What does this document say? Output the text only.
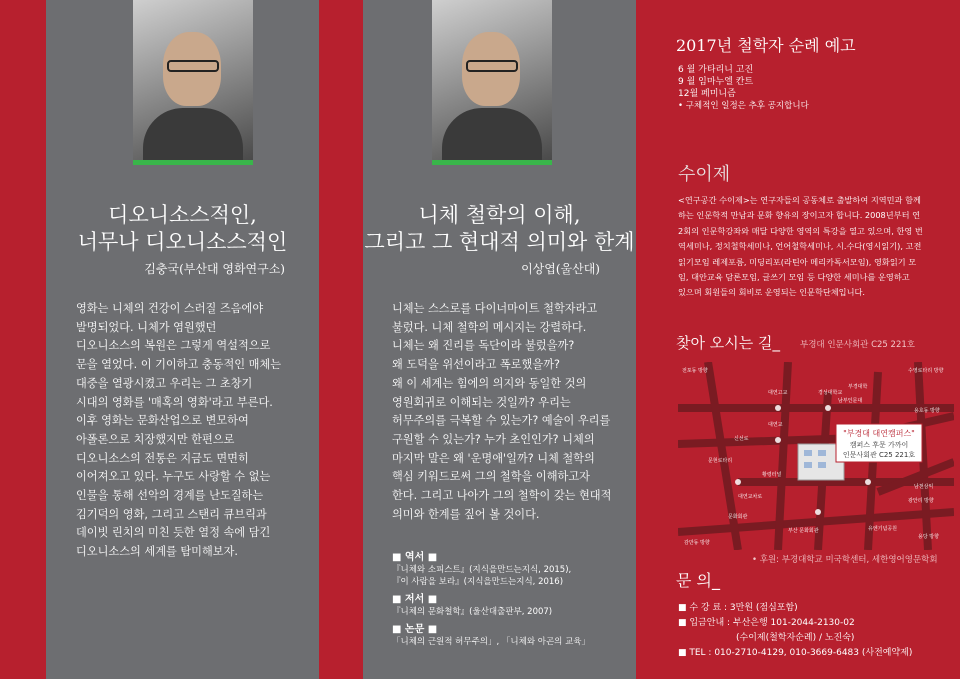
디오니소스적인,
너무나 디오니소스적인
김충국(부산대 영화연구소)

영화는 니체의 건강이 스러질 즈음에야

발명되었다. 니체가 염원했던

디오니소스의 복원은 그렇게 역설적으로

문을 열었다. 이 기이하고 충동적인 매체는

대중을 열광시켰고 우리는 그 초창기

시대의 영화를 '매혹의 영화'라고 부른다.

이후 영화는 문화산업으로 변모하여

아폴론으로 치장했지만 한편으로

디오니소스의 전통은 지금도 면면히

이어져오고 있다. 누구도 사랑할 수 없는

인물을 통해 선악의 경계를 난도질하는

김기덕의 영화, 그리고 스탠리 큐브릭과

데이빗 린치의 미친 듯한 열정 속에 담긴

디오니소스의 세계를 탐미해보자.

니체 철학의 이해,
그리고 그 현대적 의미와 한계
이상엽(울산대)

니체는 스스로를 다이너마이트 철학자라고

불렀다. 니체 철학의 메시지는 강렬하다.

니체는 왜 진리를 독단이라 불렀을까?

왜 도덕을 위선이라고 폭로했을까?

왜 이 세계는 힘에의 의지와 동일한 것의

영원회귀로 이해되는 것일까? 우리는

허무주의를 극복할 수 있는가? 예술이 우리를

구원할 수 있는가? 누가 초인인가? 니체의

마지막 말은 왜 '운명애'일까? 니체 철학의

핵심 키워드로써 그의 철학을 이해하고자

한다. 그리고 나아가 그의 철학이 갖는 현대적

의미와 한계를 짚어 볼 것이다.

■ 역서 ■
『니체와 소피스트』(지식을만드는지식, 2015),
『이 사람을 보라』(지식을만드는지식, 2016)
■ 저서 ■
『니체의 문화철학』(울산대출판부, 2007)
■ 논문 ■
「니체의 근원적 허무주의」, 「니체와 아곤의 교육」
2017년 철학자 순례 예고
6 월 가타리니 고진
9 월 임마누엘 칸트
12월 페미니즘
• 구체적인 일정은 추후 공지합니다
수이제

<연구공간 수이제>는 연구자들의 공동체로 출발하여 지역민과 함께

하는 인문학적 만남과 문화 향유의 장이고자 합니다. 2008년부터 연

2회의 인문학강좌와 매달 다양한 영역의 특강을 열고 있으며, 한영 번

역세미나, 정치철학세미나, 언어철학세미나, 시.수다(영시읽기), 고전

읽기모임 레제포름, 미딩리포(라틴아 메리카독서모임), 영화읽기 모

임, 대안교육 담론모임, 글쓰기 모임 등 다양한 세미나를 운영하고

있으며 회원들의 회비로 운영되는 인문학단체입니다.

찾아 오시는 길_ 부경대 인문사회관 C25 221호
"부경대 대연캠퍼스"
캠퍼스 후문 가까이
인문사회관 C25 221호
전포동 방향	수영로타리 방향
대연고교	경성대학교
대연교
남부인문대
부경대학
문현로타리
대연교차로
황령터널
용호동 방향
광안리 방향
신선로
남천삼익
감만동 방향
유엔기념공원
용당 방향
부산 문화회관
문화회관
• 후원: 부경대학교 미국학센터, 세한영어영문학회
문 의_

■ 수 강 료 : 3만원 (점심포함)

■ 입금안내 : 부산은행 101-2044-2130-02

(수이제(철학자순례) / 노진숙)

■ TEL : 010-2710-4129, 010-3669-6483 (사전예약제)
